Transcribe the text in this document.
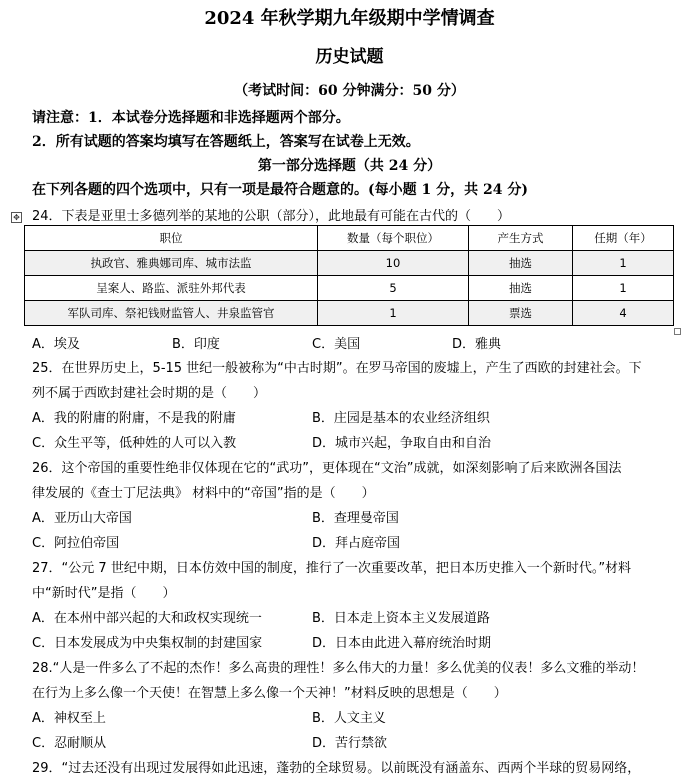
2024 年秋学期九年级期中学情调查
历史试题
（考试时间：60 分钟满分：50 分）
请注意：1．本试卷分选择题和非选择题两个部分。
2．所有试题的答案均填写在答题纸上，答案写在试卷上无效。
第一部分选择题（共 24 分）
在下列各题的四个选项中，只有一项是最符合题意的。(每小题 1 分，共 24 分)
✥ 24．下表是亚里士多德列举的某地的公职（部分），此地最有可能在古代的（　　）
职位	数量（每个职位）	产生方式	任期（年）
执政官、雅典娜司库、城市法监	10	抽选	1
呈案人、路监、派驻外邦代表	5	抽选	1
军队司库、祭祀钱财监管人、井泉监管官	1	票选	4
A．埃及	B．印度	C．美国	D．雅典
25．在世界历史上，5-15 世纪一般被称为“中古时期”。在罗马帝国的废墟上，产生了西欧的封建社会。下
列不属于西欧封建社会时期的是（　　）
A．我的附庸的附庸，不是我的附庸	B．庄园是基本的农业经济组织
C．众生平等，低种姓的人可以入教	D．城市兴起，争取自由和自治
26．这个帝国的重要性绝非仅体现在它的“武功”，更体现在“文治”成就，如深刻影响了后来欧洲各国法
律发展的《查士丁尼法典》 材料中的“帝国”指的是（　　）
A．亚历山大帝国	B．查理曼帝国
C．阿拉伯帝国	D．拜占庭帝国
27．“公元 7 世纪中期，日本仿效中国的制度，推行了一次重要改革，把日本历史推入一个新时代。”材料
中“新时代”是指（　　）
A．在本州中部兴起的大和政权实现统一	B．日本走上资本主义发展道路
C．日本发展成为中央集权制的封建国家	D．日本由此进入幕府统治时期
28.“人是一件多么了不起的杰作！多么高贵的理性！多么伟大的力量！多么优美的仪表！多么文雅的举动！
在行为上多么像一个天使！在智慧上多么像一个天神！”材料反映的思想是（　　）
A．神权至上	B．人文主义
C．忍耐顺从	D．苦行禁欲
29．“过去还没有出现过发展得如此迅速，蓬勃的全球贸易。以前既没有涵盖东、西两个半球的贸易网络，
